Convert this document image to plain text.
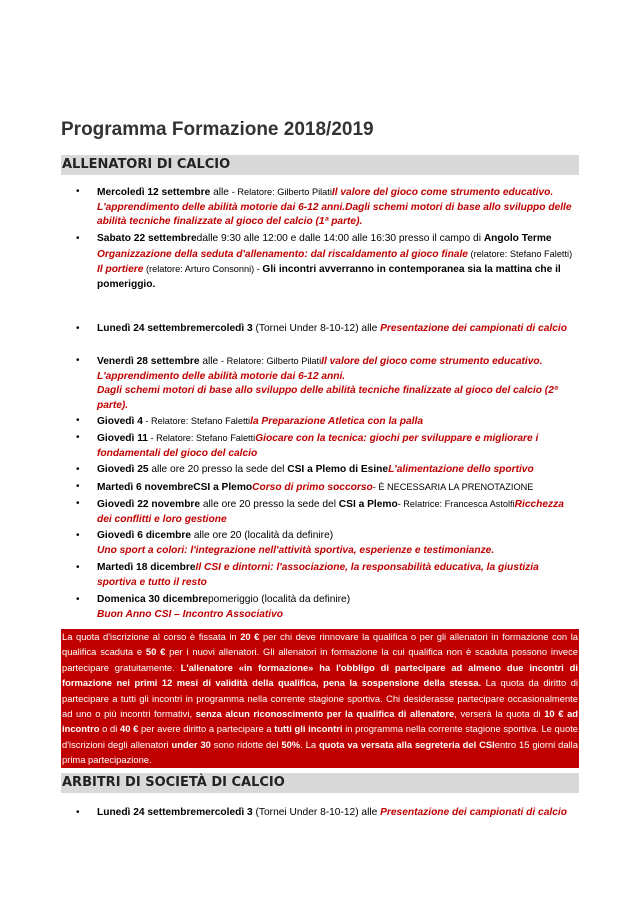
Programma Formazione 2018/2019
ALLENATORI DI CALCIO
• Mercoledì 12 settembre alle - Relatore: Gilberto PilatiIl valore del gioco come strumento educativo. L'apprendimento delle abilità motorie dai 6-12 anni.Dagli schemi motori di base allo sviluppo delle abilità tecniche finalizzate al gioco del calcio (1ª parte).
• Sabato 22 settembredalle 9:30 alle 12:00 e dalle 14:00 alle 16:30 presso il campo di Angolo Terme
Organizzazione della seduta d'allenamento: dal riscaldamento al gioco finale (relatore: Stefano Faletti)
Il portiere (relatore: Arturo Consonni) - Gli incontri avverranno in contemporanea sia la mattina che il pomeriggio.
• Lunedì 24 settembremercoledì 3 (Tornei Under 8-10-12) alle Presentazione dei campionati di calcio
• Venerdì 28 settembre alle - Relatore: Gilberto PilatiIl valore del gioco come strumento educativo. L'apprendimento delle abilità motorie dai 6-12 anni.
Dagli schemi motori di base allo sviluppo delle abilità tecniche finalizzate al gioco del calcio (2ª parte).
• Giovedì 4 - Relatore: Stefano Falettila Preparazione Atletica con la palla
• Giovedì 11 - Relatore: Stefano FalettiGiocare con la tecnica: giochi per sviluppare e migliorare i fondamentali del gioco del calcio
• Giovedì 25 alle ore 20 presso la sede del CSI a Plemo di EsineL'alimentazione dello sportivo
• Martedì 6 novembreCSI a PlemoCorso di primo soccorso- È NECESSARIA LA PRENOTAZIONE
• Giovedì 22 novembre alle ore 20 presso la sede del CSI a Plemo- Relatrice: Francesca AstolfiRicchezza dei conflitti e loro gestione
• Giovedì 6 dicembre alle ore 20 (località da definire)
Uno sport a colori: l'integrazione nell'attività sportiva, esperienze e testimonianze.
• Martedì 18 dicembreIl CSI e dintorni: l'associazione, la responsabilità educativa, la giustizia sportiva e tutto il resto
• Domenica 30 dicembrepomeriggio (località da definire)
Buon Anno CSI – Incontro Associativo
La quota d'iscrizione al corso è fissata in 20 € per chi deve rinnovare la qualifica o per gli allenatori in formazione con la qualifica scaduta e 50 € per i nuovi allenatori. Gli allenatori in formazione la cui qualifica non è scaduta possono invece partecipare gratuitamente. L'allenatore «in formazione» ha l'obbligo di partecipare ad almeno due incontri di formazione nei primi 12 mesi di validità della qualifica, pena la sospensione della stessa. La quota da diritto di partecipare a tutti gli incontri in programma nella corrente stagione sportiva. Chi desiderasse partecipare occasionalmente ad uno o più incontri formativi, senza alcun riconoscimento per la qualifica di allenatore, verserà la quota di 10 € ad incontro o di 40 € per avere diritto a partecipare a tutti gli incontri in programma nella corrente stagione sportiva. Le quote d'iscrizioni degli allenatori under 30 sono ridotte del 50%. La quota va versata alla segreteria del CSIentro 15 giorni dalla prima partecipazione.
ARBITRI DI SOCIETÀ DI CALCIO
• Lunedì 24 settembremercoledì 3 (Tornei Under 8-10-12) alle Presentazione dei campionati di calcio
